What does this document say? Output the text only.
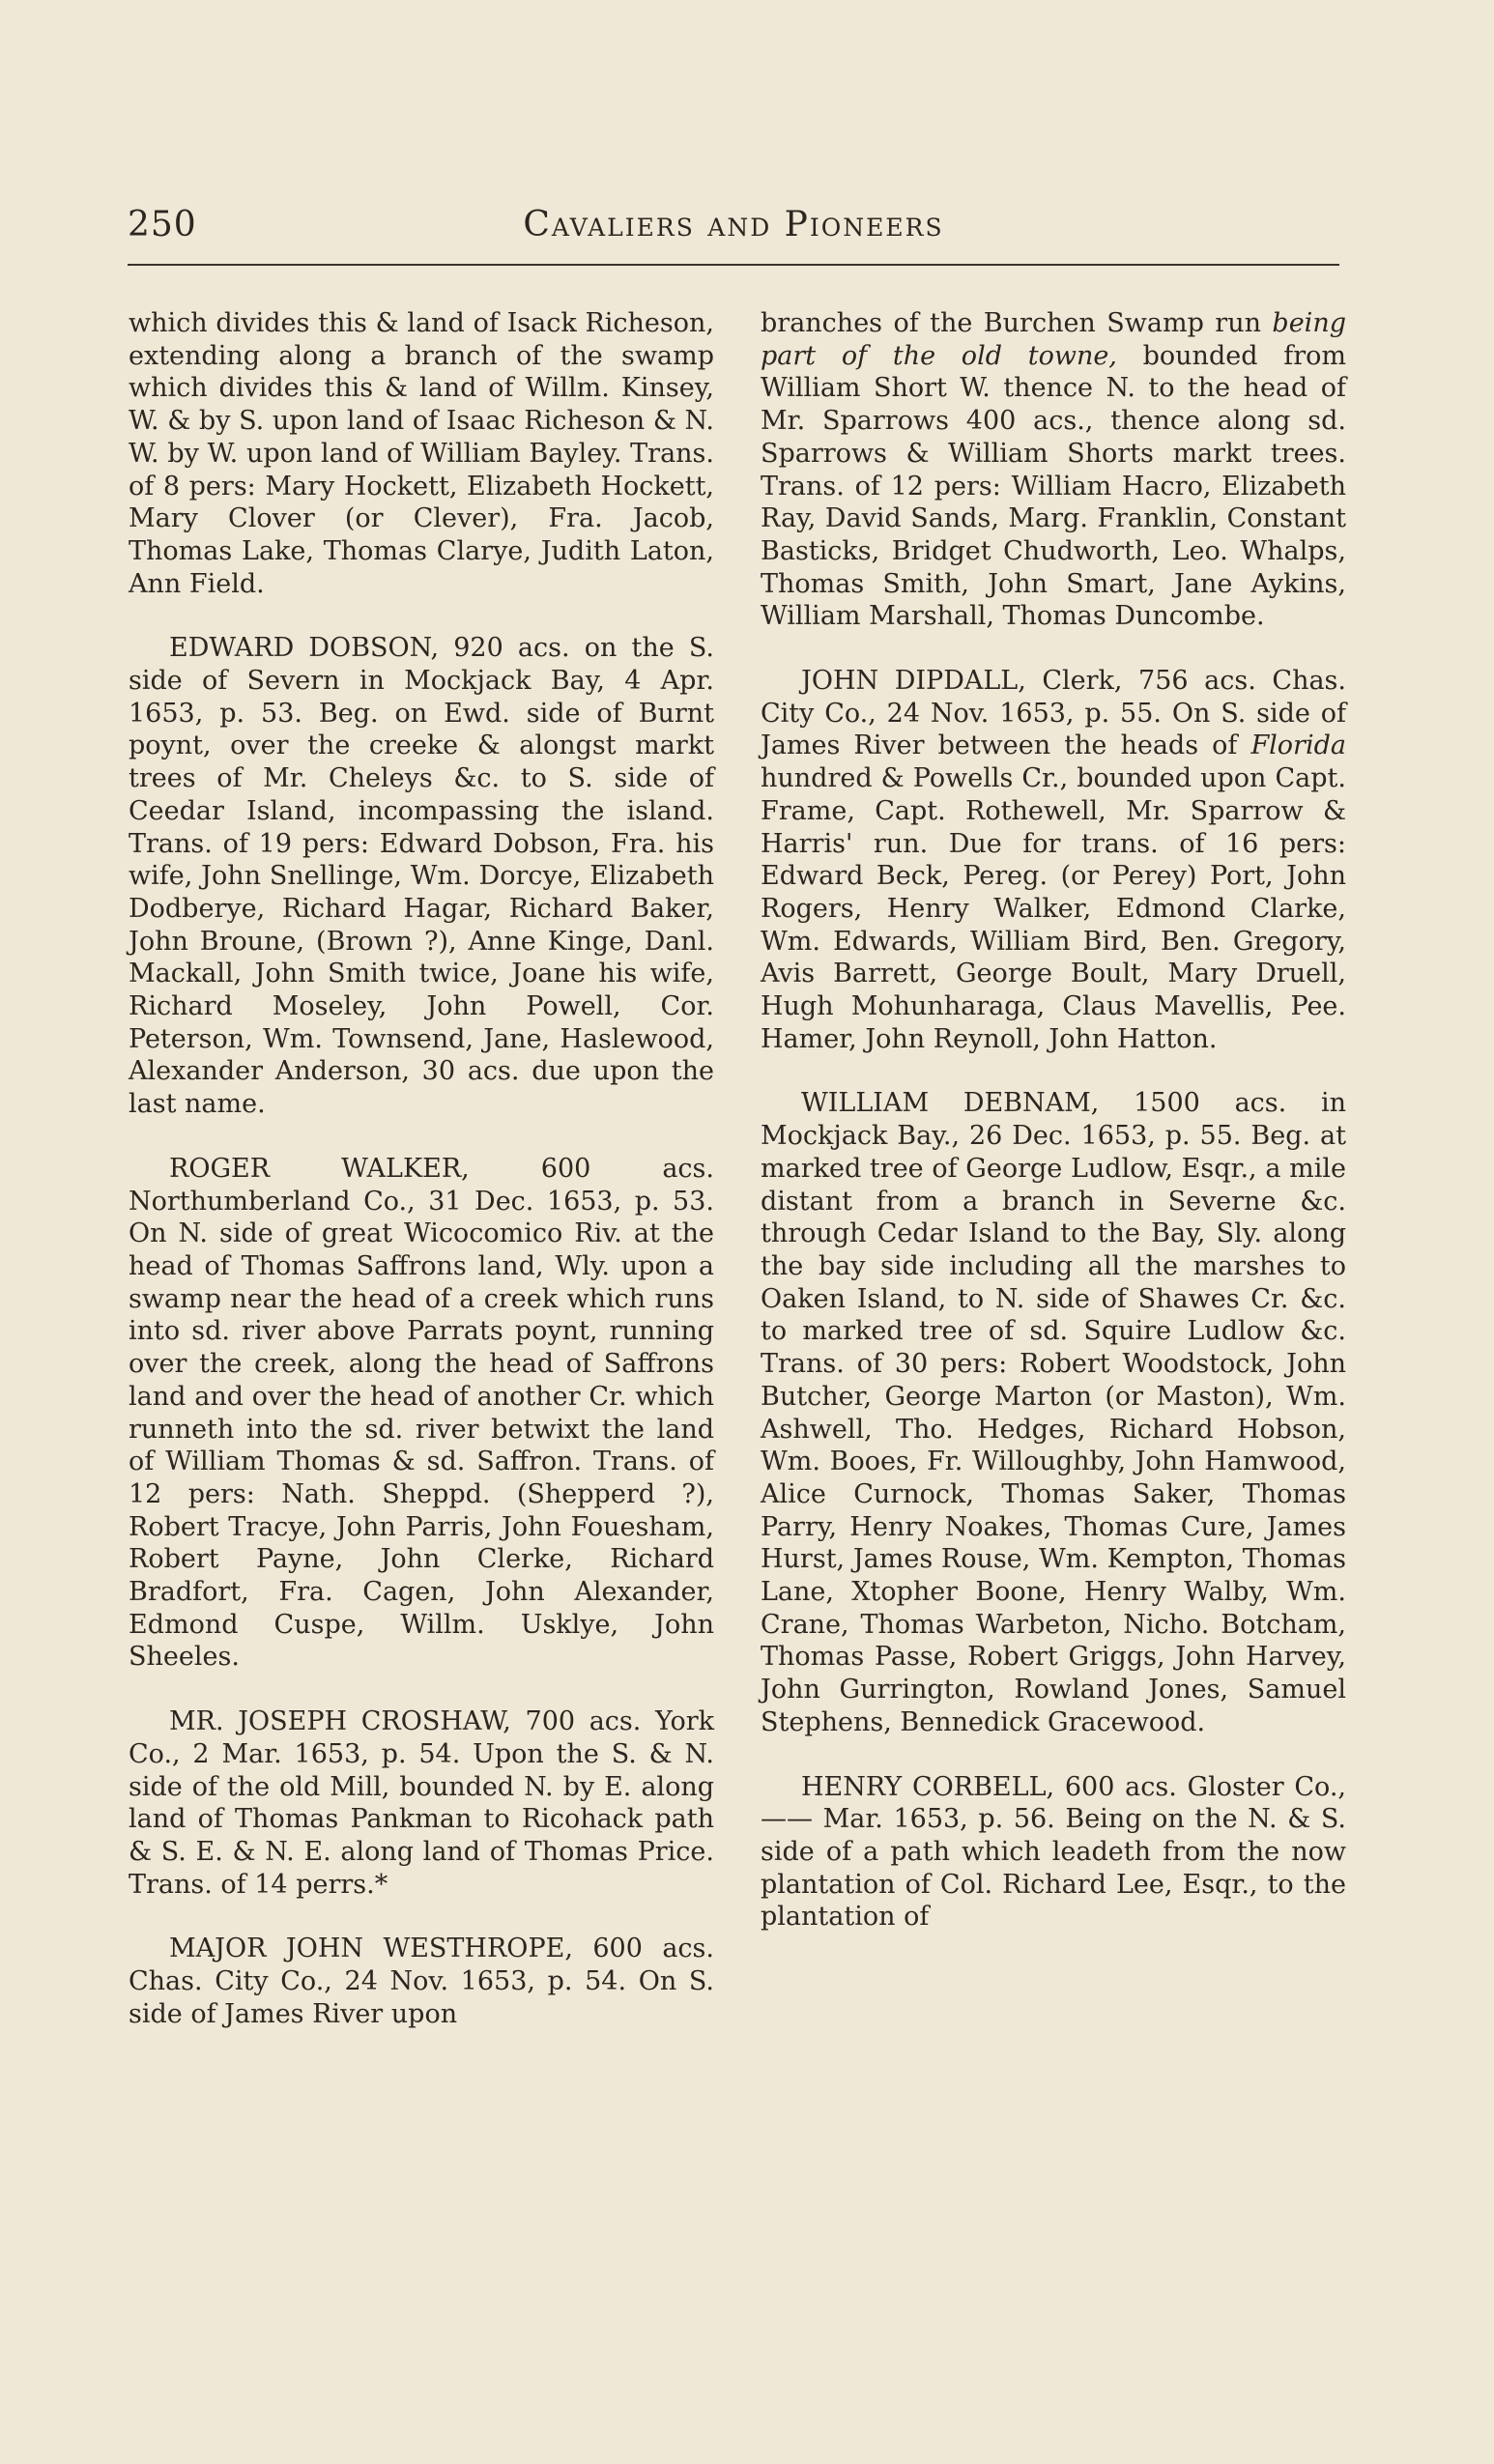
250	Cavaliers and Pioneers

which divides this & land of Isack Richeson, extending along a branch of the swamp which divides this & land of Willm. Kinsey, W. & by S. upon land of Isaac Richeson & N. W. by W. upon land of William Bayley. Trans. of 8 pers: Mary Hockett, Elizabeth Hockett, Mary Clover (or Clever), Fra. Jacob, Thomas Lake, Thomas Clarye, Judith Laton, Ann Field.

EDWARD DOBSON, 920 acs. on the S. side of Severn in Mockjack Bay, 4 Apr. 1653, p. 53. Beg. on Ewd. side of Burnt poynt, over the creeke & alongst markt trees of Mr. Cheleys &c. to S. side of Ceedar Island, incompassing the island. Trans. of 19 pers: Edward Dobson, Fra. his wife, John Snellinge, Wm. Dorcye, Elizabeth Dodberye, Richard Hagar, Richard Baker, John Broune, (Brown ?), Anne Kinge, Danl. Mackall, John Smith twice, Joane his wife, Richard Moseley, John Powell, Cor. Peterson, Wm. Townsend, Jane, Haslewood, Alexander Anderson, 30 acs. due upon the last name.

ROGER WALKER, 600 acs. Northumberland Co., 31 Dec. 1653, p. 53. On N. side of great Wicocomico Riv. at the head of Thomas Saffrons land, Wly. upon a swamp near the head of a creek which runs into sd. river above Parrats poynt, running over the creek, along the head of Saffrons land and over the head of another Cr. which runneth into the sd. river betwixt the land of William Thomas & sd. Saffron. Trans. of 12 pers: Nath. Sheppd. (Shepperd ?), Robert Tracye, John Parris, John Fouesham, Robert Payne, John Clerke, Richard Bradfort, Fra. Cagen, John Alexander, Edmond Cuspe, Willm. Usklye, John Sheeles.

MR. JOSEPH CROSHAW, 700 acs. York Co., 2 Mar. 1653, p. 54. Upon the S. & N. side of the old Mill, bounded N. by E. along land of Thomas Pankman to Ricohack path & S. E. & N. E. along land of Thomas Price. Trans. of 14 perrs.*

MAJOR JOHN WESTHROPE, 600 acs. Chas. City Co., 24 Nov. 1653, p. 54. On S. side of James River upon

branches of the Burchen Swamp run being part of the old towne, bounded from William Short W. thence N. to the head of Mr. Sparrows 400 acs., thence along sd. Sparrows & William Shorts markt trees. Trans. of 12 pers: William Hacro, Elizabeth Ray, David Sands, Marg. Franklin, Constant Basticks, Bridget Chudworth, Leo. Whalps, Thomas Smith, John Smart, Jane Aykins, William Marshall, Thomas Duncombe.

JOHN DIPDALL, Clerk, 756 acs. Chas. City Co., 24 Nov. 1653, p. 55. On S. side of James River between the heads of Florida hundred & Powells Cr., bounded upon Capt. Frame, Capt. Rothewell, Mr. Sparrow & Harris' run. Due for trans. of 16 pers: Edward Beck, Pereg. (or Perey) Port, John Rogers, Henry Walker, Edmond Clarke, Wm. Edwards, William Bird, Ben. Gregory, Avis Barrett, George Boult, Mary Druell, Hugh Mohunharaga, Claus Mavellis, Pee. Hamer, John Reynoll, John Hatton.

WILLIAM DEBNAM, 1500 acs. in Mockjack Bay., 26 Dec. 1653, p. 55. Beg. at marked tree of George Ludlow, Esqr., a mile distant from a branch in Severne &c. through Cedar Island to the Bay, Sly. along the bay side including all the marshes to Oaken Island, to N. side of Shawes Cr. &c. to marked tree of sd. Squire Ludlow &c. Trans. of 30 pers: Robert Woodstock, John Butcher, George Marton (or Maston), Wm. Ashwell, Tho. Hedges, Richard Hobson, Wm. Booes, Fr. Willoughby, John Hamwood, Alice Curnock, Thomas Saker, Thomas Parry, Henry Noakes, Thomas Cure, James Hurst, James Rouse, Wm. Kempton, Thomas Lane, Xtopher Boone, Henry Walby, Wm. Crane, Thomas Warbeton, Nicho. Botcham, Thomas Passe, Robert Griggs, John Harvey, John Gurrington, Rowland Jones, Samuel Stephens, Bennedick Gracewood.

HENRY CORBELL, 600 acs. Gloster Co., —— Mar. 1653, p. 56. Being on the N. & S. side of a path which leadeth from the now plantation of Col. Richard Lee, Esqr., to the plantation of
